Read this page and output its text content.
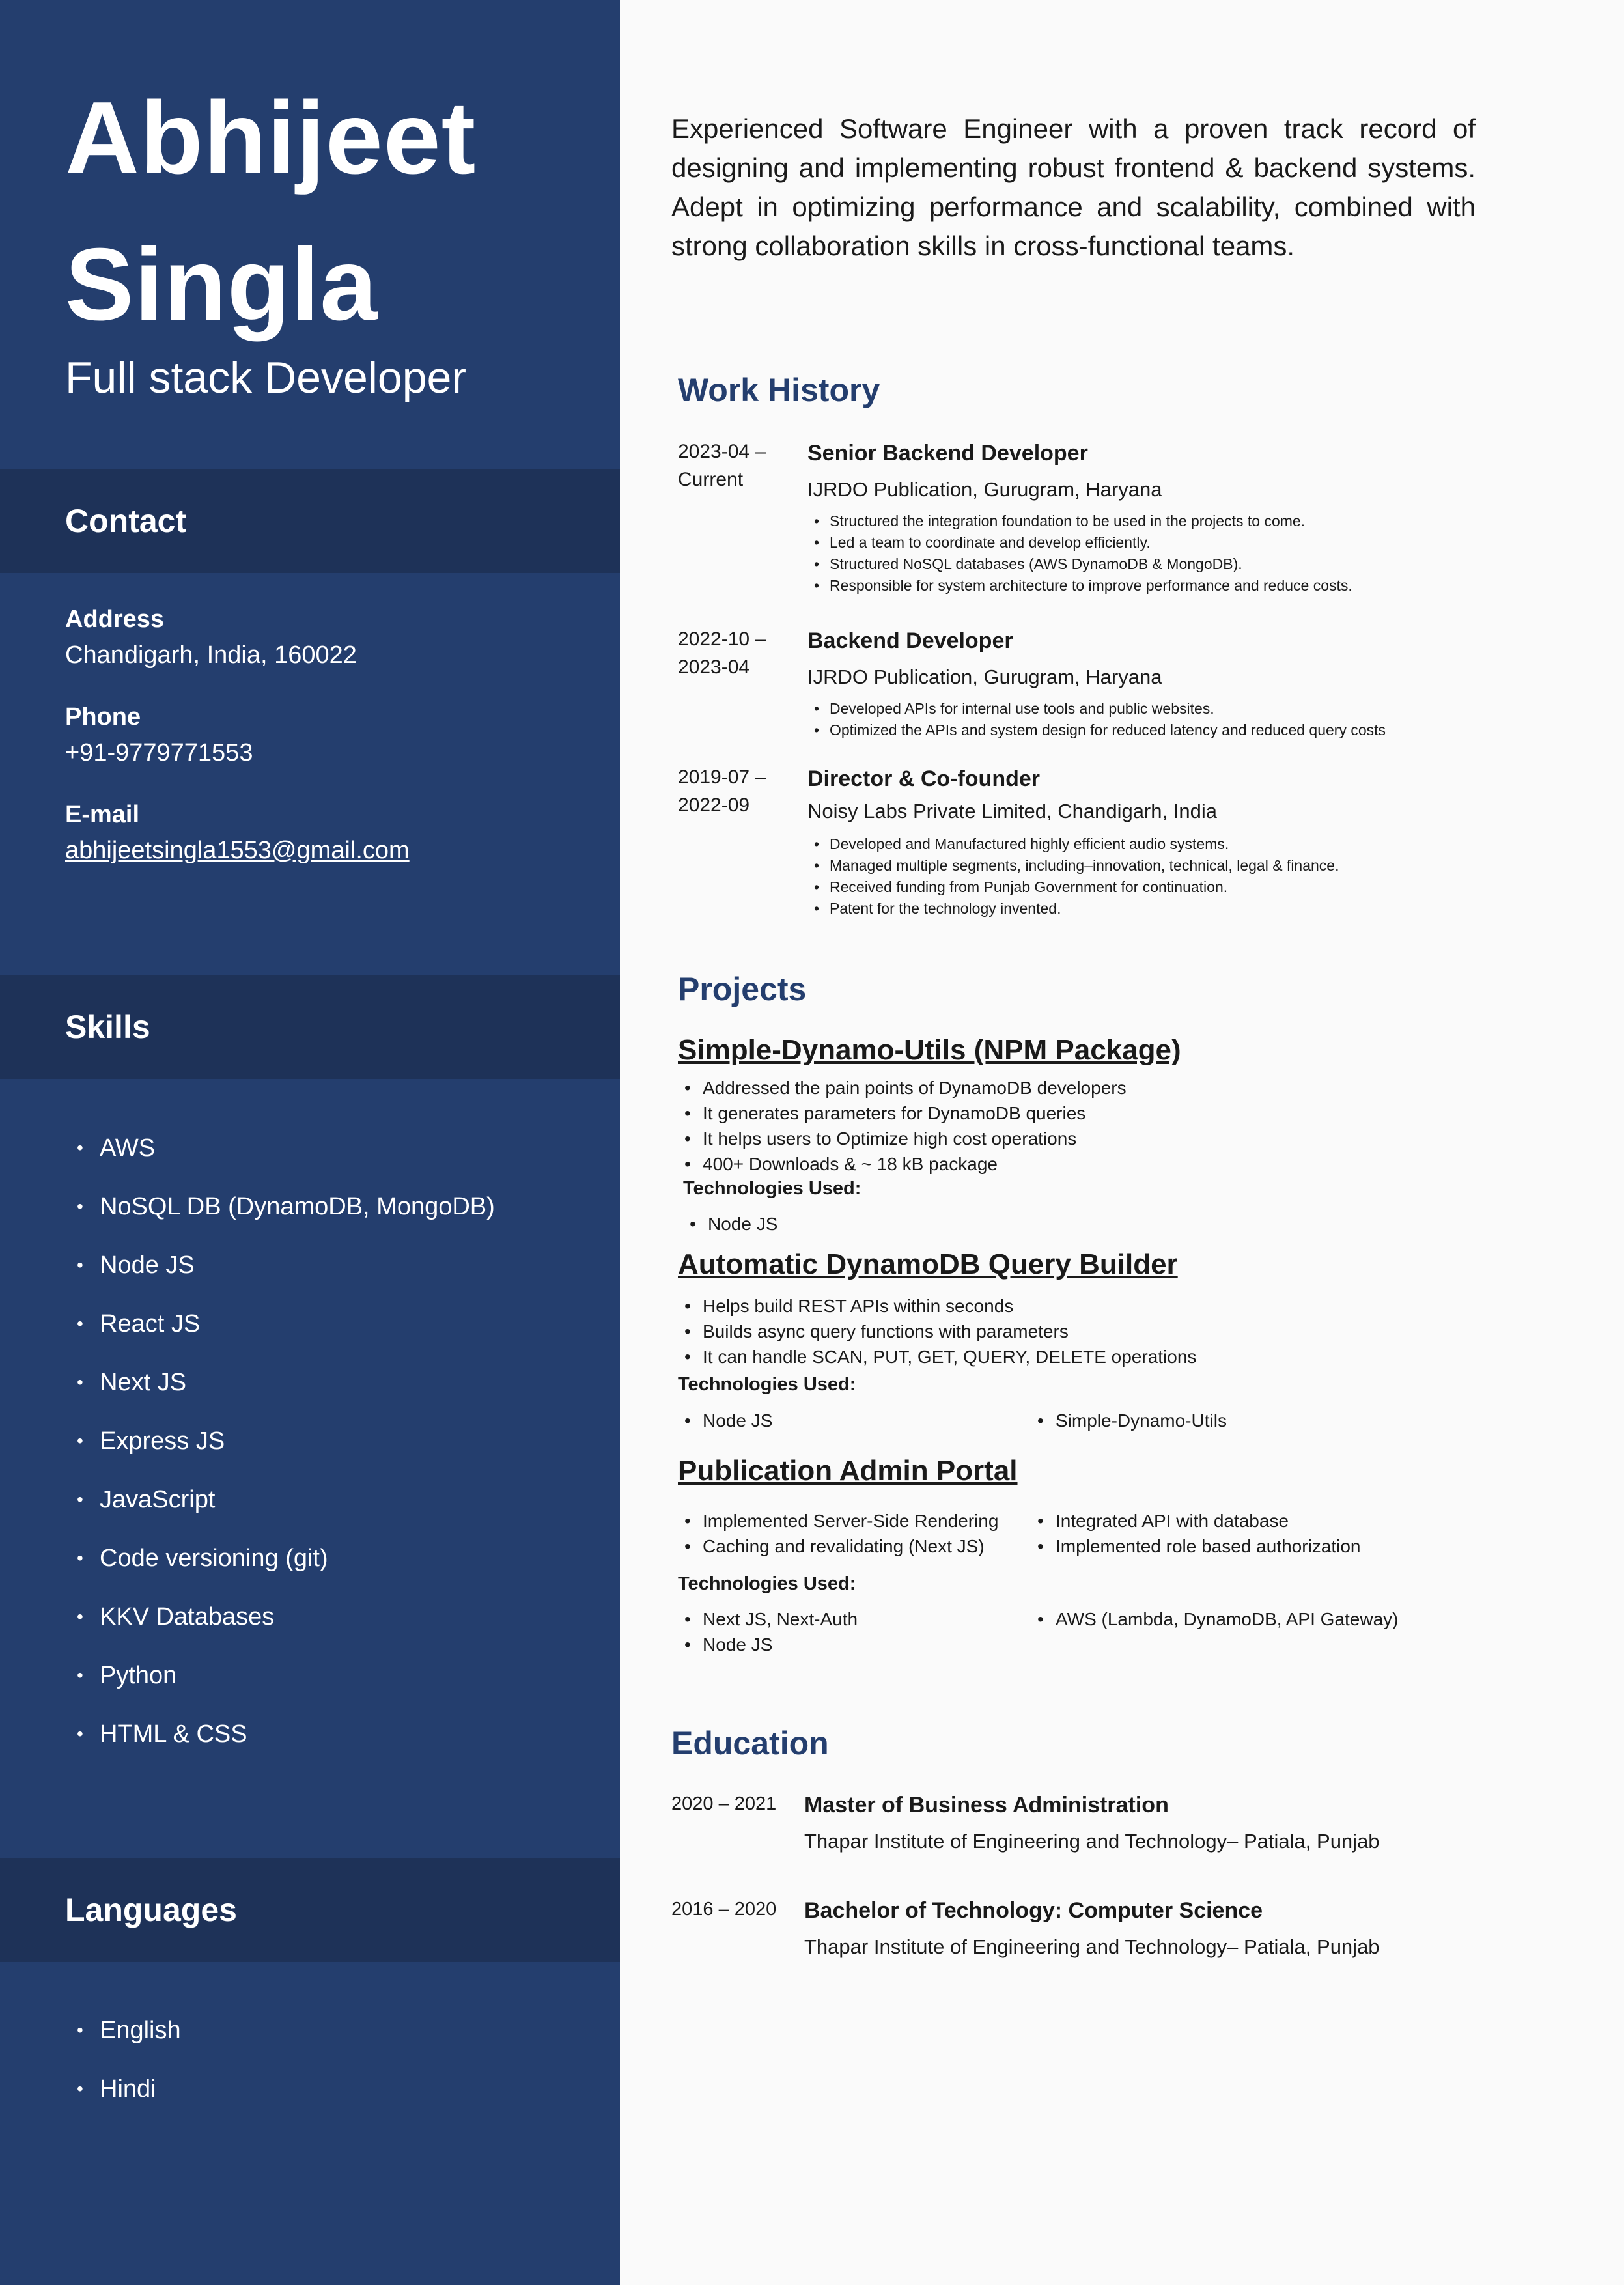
Abhijeet
Singla
Full stack Developer
Contact
Address
Chandigarh, India, 160022
Phone
+91-9779771553
E-mail
abhijeetsingla1553@gmail.com
Skills
• AWS
• NoSQL DB (DynamoDB, MongoDB)
• Node JS
• React JS
• Next JS
• Express JS
• JavaScript
• Code versioning (git)
• KKV Databases
• Python
• HTML & CSS
Languages
• English
• Hindi

Experienced Software Engineer with a proven track record of designing and implementing robust frontend & backend systems. Adept in optimizing performance and scalability, combined with strong collaboration skills in cross-functional teams.

Work History
2023-04 –
Current
Senior Backend Developer
IJRDO Publication, Gurugram, Haryana
• Structured the integration foundation to be used in the projects to come.
• Led a team to coordinate and develop efficiently.
• Structured NoSQL databases (AWS DynamoDB & MongoDB).
• Responsible for system architecture to improve performance and reduce costs.
2022-10 –
2023-04
Backend Developer
IJRDO Publication, Gurugram, Haryana
• Developed APIs for internal use tools and public websites.
• Optimized the APIs and system design for reduced latency and reduced query costs
2019-07 –
2022-09
Director & Co-founder
Noisy Labs Private Limited, Chandigarh, India
• Developed and Manufactured highly efficient audio systems.
• Managed multiple segments, including–innovation, technical, legal & finance.
• Received funding from Punjab Government for continuation.
• Patent for the technology invented.
Projects
Simple-Dynamo-Utils (NPM Package)
• Addressed the pain points of DynamoDB developers
• It generates parameters for DynamoDB queries
• It helps users to Optimize high cost operations
• 400+ Downloads & ~ 18 kB package
Technologies Used:
• Node JS
Automatic DynamoDB Query Builder
• Helps build REST APIs within seconds
• Builds async query functions with parameters
• It can handle SCAN, PUT, GET, QUERY, DELETE operations
Technologies Used:
• Node JS
•	Simple-Dynamo-Utils
Publication Admin Portal
• Implemented Server-Side Rendering
• Caching and revalidating (Next JS)
• Integrated API with database
• Implemented role based authorization
Technologies Used:
• Next JS, Next-Auth
• Node JS
• AWS (Lambda, DynamoDB, API Gateway)
Education
2020 – 2021 Master of Business Administration
Thapar Institute of Engineering and Technology– Patiala, Punjab
2016 – 2020 Bachelor of Technology: Computer Science
Thapar Institute of Engineering and Technology– Patiala, Punjab
